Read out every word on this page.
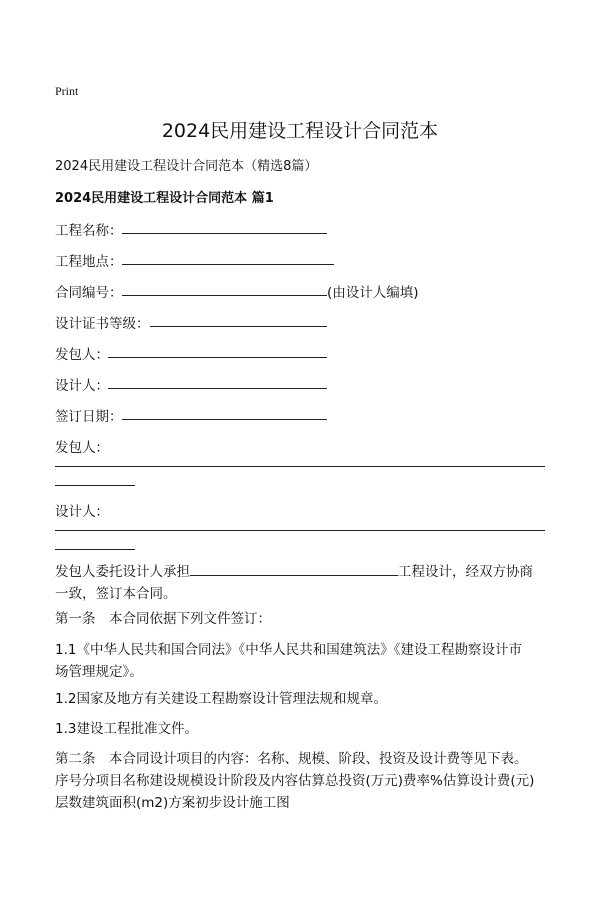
Print
2024民用建设工程设计合同范本
2024民用建设工程设计合同范本（精选8篇）
2024民用建设工程设计合同范本 篇1
工程名称：
工程地点：
合同编号：	(由设计人编填)
设计证书等级：
发包人：
设计人：
签订日期：
发包人：
设计人：
发包人委托设计人承担	工程设计，经双方协商
一致，签订本合同。
第一条　本合同依据下列文件签订：
1.1《中华人民共和国合同法》《中华人民共和国建筑法》《建设工程勘察设计市
场管理规定》。
1.2国家及地方有关建设工程勘察设计管理法规和规章。
1.3建设工程批准文件。
第二条　本合同设计项目的内容：名称、规模、阶段、投资及设计费等见下表。
序号分项目名称建设规模设计阶段及内容估算总投资(万元)费率%估算设计费(元)
层数建筑面积(m2)方案初步设计施工图
